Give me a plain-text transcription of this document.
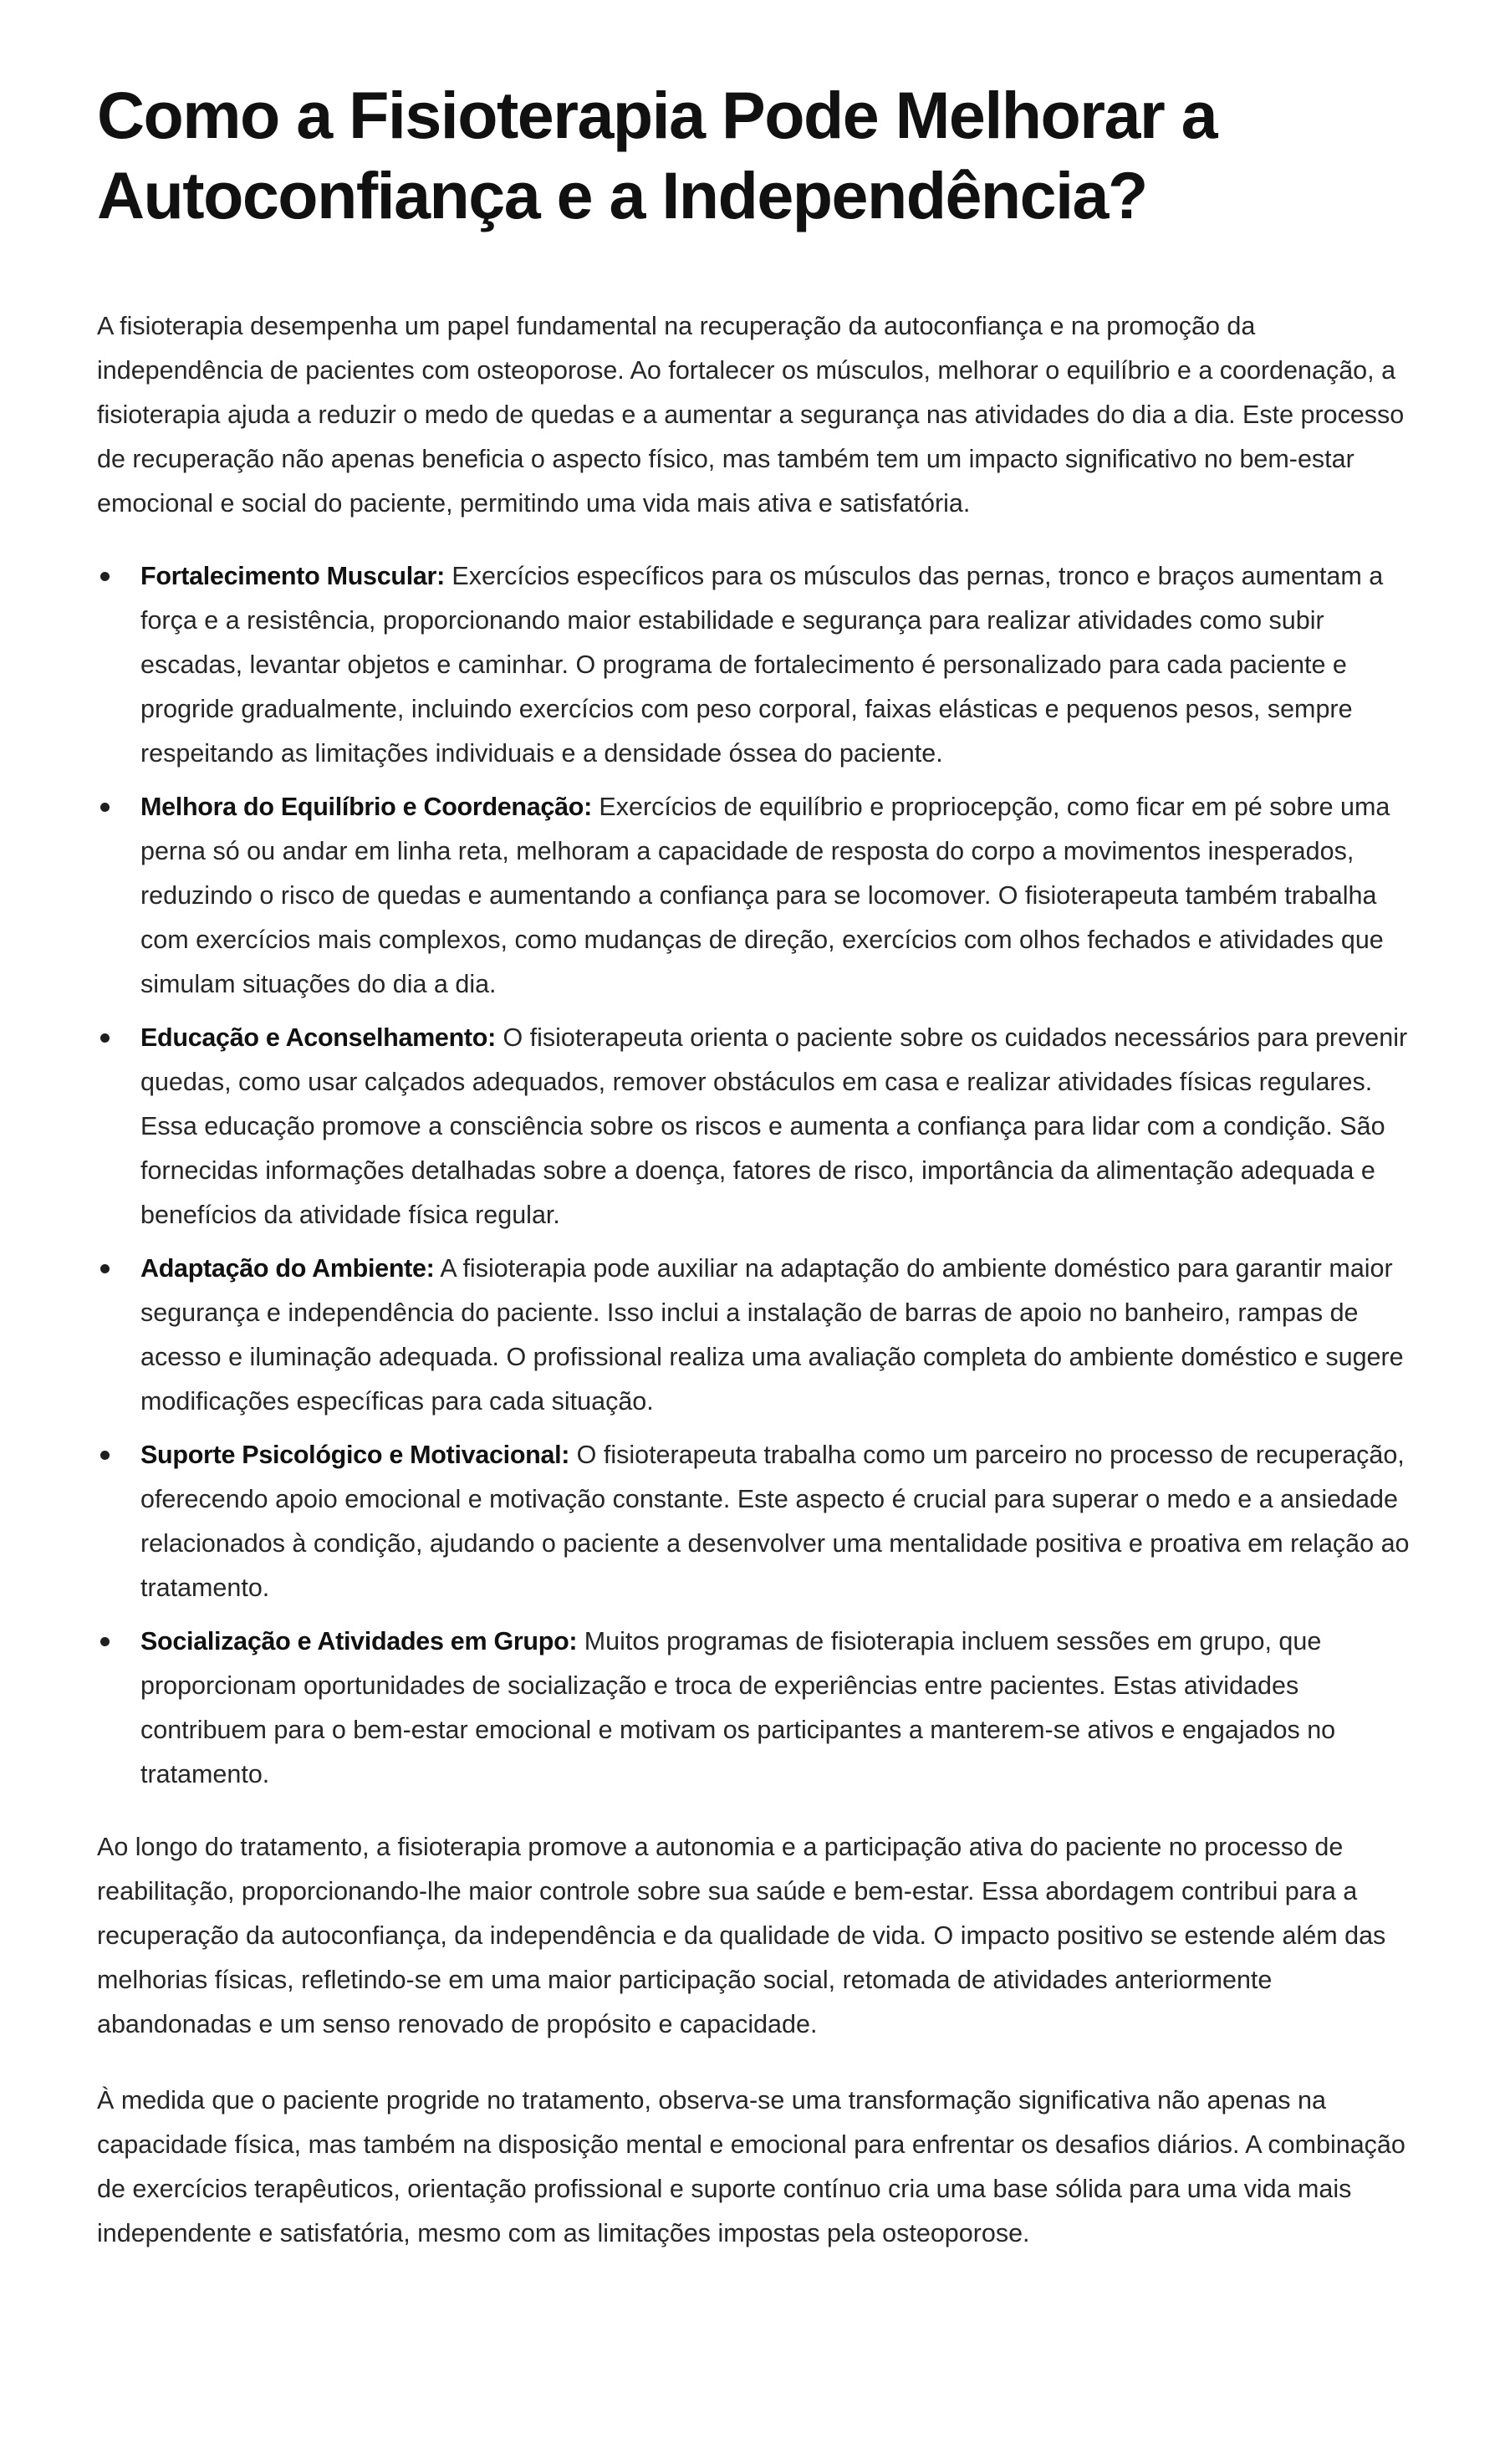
Como a Fisioterapia Pode Melhorar a Autoconfiança e a Independência?

A fisioterapia desempenha um papel fundamental na recuperação da autoconfiança e na promoção da independência de pacientes com osteoporose. Ao fortalecer os músculos, melhorar o equilíbrio e a coordenação, a fisioterapia ajuda a reduzir o medo de quedas e a aumentar a segurança nas atividades do dia a dia. Este processo de recuperação não apenas beneficia o aspecto físico, mas também tem um impacto significativo no bem-estar emocional e social do paciente, permitindo uma vida mais ativa e satisfatória.

Fortalecimento Muscular: Exercícios específicos para os músculos das pernas, tronco e braços aumentam a força e a resistência, proporcionando maior estabilidade e segurança para realizar atividades como subir escadas, levantar objetos e caminhar. O programa de fortalecimento é personalizado para cada paciente e progride gradualmente, incluindo exercícios com peso corporal, faixas elásticas e pequenos pesos, sempre respeitando as limitações individuais e a densidade óssea do paciente.
Melhora do Equilíbrio e Coordenação: Exercícios de equilíbrio e propriocepção, como ficar em pé sobre uma perna só ou andar em linha reta, melhoram a capacidade de resposta do corpo a movimentos inesperados, reduzindo o risco de quedas e aumentando a confiança para se locomover. O fisioterapeuta também trabalha com exercícios mais complexos, como mudanças de direção, exercícios com olhos fechados e atividades que simulam situações do dia a dia.
Educação e Aconselhamento: O fisioterapeuta orienta o paciente sobre os cuidados necessários para prevenir quedas, como usar calçados adequados, remover obstáculos em casa e realizar atividades físicas regulares. Essa educação promove a consciência sobre os riscos e aumenta a confiança para lidar com a condição. São fornecidas informações detalhadas sobre a doença, fatores de risco, importância da alimentação adequada e benefícios da atividade física regular.
Adaptação do Ambiente: A fisioterapia pode auxiliar na adaptação do ambiente doméstico para garantir maior segurança e independência do paciente. Isso inclui a instalação de barras de apoio no banheiro, rampas de acesso e iluminação adequada. O profissional realiza uma avaliação completa do ambiente doméstico e sugere modificações específicas para cada situação.
Suporte Psicológico e Motivacional: O fisioterapeuta trabalha como um parceiro no processo de recuperação, oferecendo apoio emocional e motivação constante. Este aspecto é crucial para superar o medo e a ansiedade relacionados à condição, ajudando o paciente a desenvolver uma mentalidade positiva e proativa em relação ao tratamento.
Socialização e Atividades em Grupo: Muitos programas de fisioterapia incluem sessões em grupo, que proporcionam oportunidades de socialização e troca de experiências entre pacientes. Estas atividades contribuem para o bem-estar emocional e motivam os participantes a manterem-se ativos e engajados no tratamento.

Ao longo do tratamento, a fisioterapia promove a autonomia e a participação ativa do paciente no processo de reabilitação, proporcionando-lhe maior controle sobre sua saúde e bem-estar. Essa abordagem contribui para a recuperação da autoconfiança, da independência e da qualidade de vida. O impacto positivo se estende além das melhorias físicas, refletindo-se em uma maior participação social, retomada de atividades anteriormente abandonadas e um senso renovado de propósito e capacidade.

À medida que o paciente progride no tratamento, observa-se uma transformação significativa não apenas na capacidade física, mas também na disposição mental e emocional para enfrentar os desafios diários. A combinação de exercícios terapêuticos, orientação profissional e suporte contínuo cria uma base sólida para uma vida mais independente e satisfatória, mesmo com as limitações impostas pela osteoporose.
